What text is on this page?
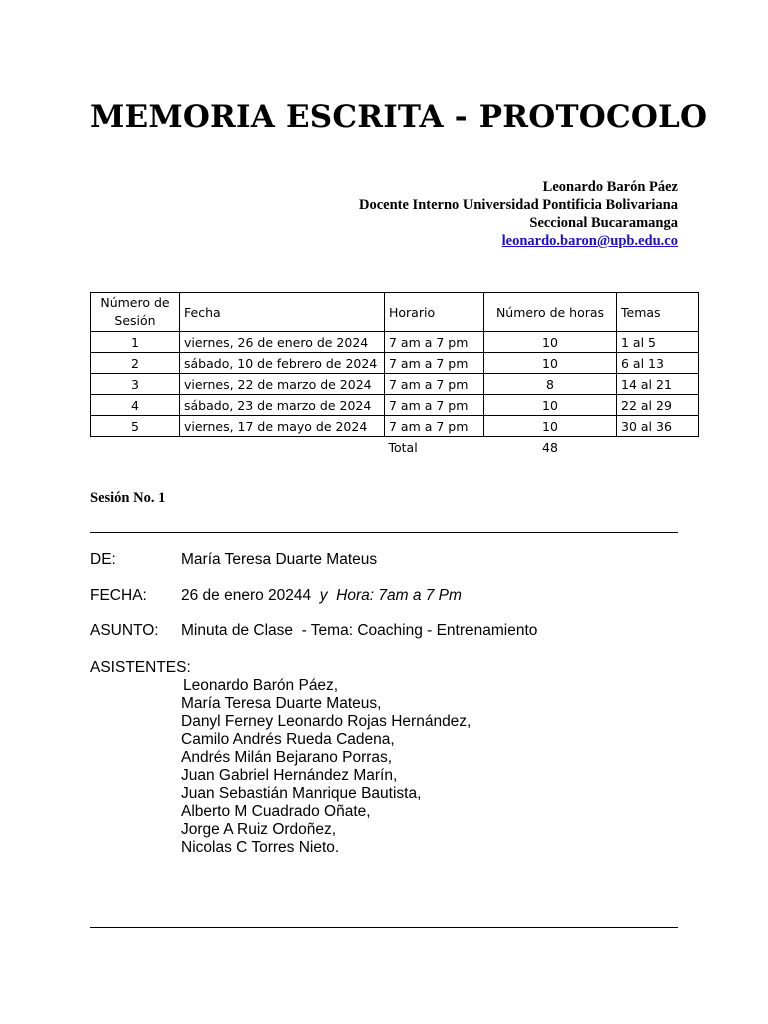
MEMORIA ESCRITA - PROTOCOLO
Leonardo Barón Páez
Docente Interno Universidad Pontificia Bolivariana
Seccional Bucaramanga
leonardo.baron@upb.edu.co
Número de Sesión	Fecha	Horario	Número de horas	Temas
1	viernes, 26 de enero de 2024	7 am a 7 pm	10	1 al 5
2	sábado, 10 de febrero de 2024	7 am a 7 pm	10	6 al 13
3	viernes, 22 de marzo de 2024	7 am a 7 pm	8	14 al 21
4	sábado, 23 de marzo de 2024	7 am a 7 pm	10	22 al 29
5	viernes, 17 de mayo de 2024	7 am a 7 pm	10	30 al 36
		Total	48	
Sesión No. 1
DE:	María Teresa Duarte Mateus
FECHA: 26 de enero 20244 y Hora: 7am a 7 Pm
ASUNTO: Minuta de Clase  - Tema: Coaching - Entrenamiento
ASISTENTES:
Leonardo Barón Páez,
María Teresa Duarte Mateus,
Danyl Ferney Leonardo Rojas Hernández,
Camilo Andrés Rueda Cadena,
Andrés Milán Bejarano Porras,
Juan Gabriel Hernández Marín,
Juan Sebastián Manrique Bautista,
Alberto M Cuadrado Oñate,
Jorge A Ruiz Ordoñez,
Nicolas C Torres Nieto.
